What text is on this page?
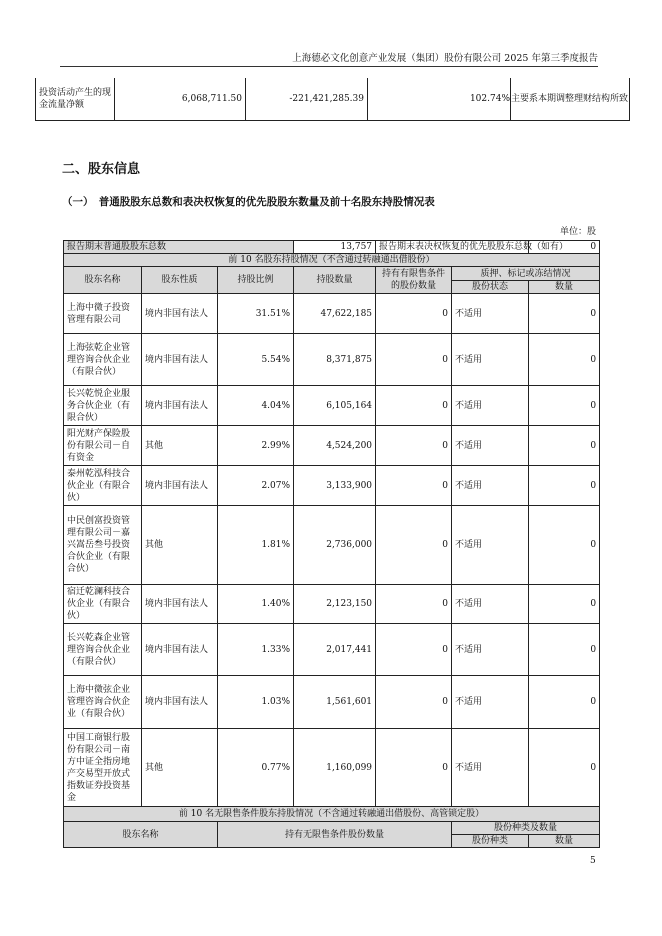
上海德必文化创意产业发展（集团）股份有限公司 2025 年第三季度报告
投资活动产生的现金流量净额	6,068,711.50	-221,421,285.39	102.74%	主要系本期调整理财结构所致
二、股东信息
（一）　普通股股东总数和表决权恢复的优先股股东数量及前十名股东持股情况表
单位：股
报告期末普通股股东总数			13,757	报告期末表决权恢复的优先股股东总数（如有）		0
前 10 名股东持股情况（不含通过转融通出借股份）						
股东名称	股东性质	持股比例	持股数量	持有有限售条件的股份数量	质押、标记或冻结情况	
					股份状态	数量
上海中微子投资管理有限公司	境内非国有法人	31.51%	47,622,185	0	不适用	0
上海弦乾企业管理咨询合伙企业（有限合伙）	境内非国有法人	5.54%	8,371,875	0	不适用	0
长兴乾悦企业服务合伙企业（有限合伙）	境内非国有法人	4.04%	6,105,164	0	不适用	0
阳光财产保险股份有限公司－自有资金	其他	2.99%	4,524,200	0	不适用	0
泰州乾泓科技合伙企业（有限合伙）	境内非国有法人	2.07%	3,133,900	0	不适用	0
中民创富投资管理有限公司－嘉兴嵩岳叁号投资合伙企业（有限合伙）	其他	1.81%	2,736,000	0	不适用	0
宿迁乾澜科技合伙企业（有限合伙）	境内非国有法人	1.40%	2,123,150	0	不适用	0
长兴乾森企业管理咨询合伙企业（有限合伙）	境内非国有法人	1.33%	2,017,441	0	不适用	0
上海中微弦企业管理咨询合伙企业（有限合伙）	境内非国有法人	1.03%	1,561,601	0	不适用	0
中国工商银行股份有限公司－南方中证全指房地产交易型开放式指数证券投资基金	其他	0.77%	1,160,099	0	不适用	0
前 10 名无限售条件股东持股情况（不含通过转融通出借股份、高管锁定股）						
股东名称		持有无限售条件股份数量			股份种类及数量	
					股份种类	数量
5
